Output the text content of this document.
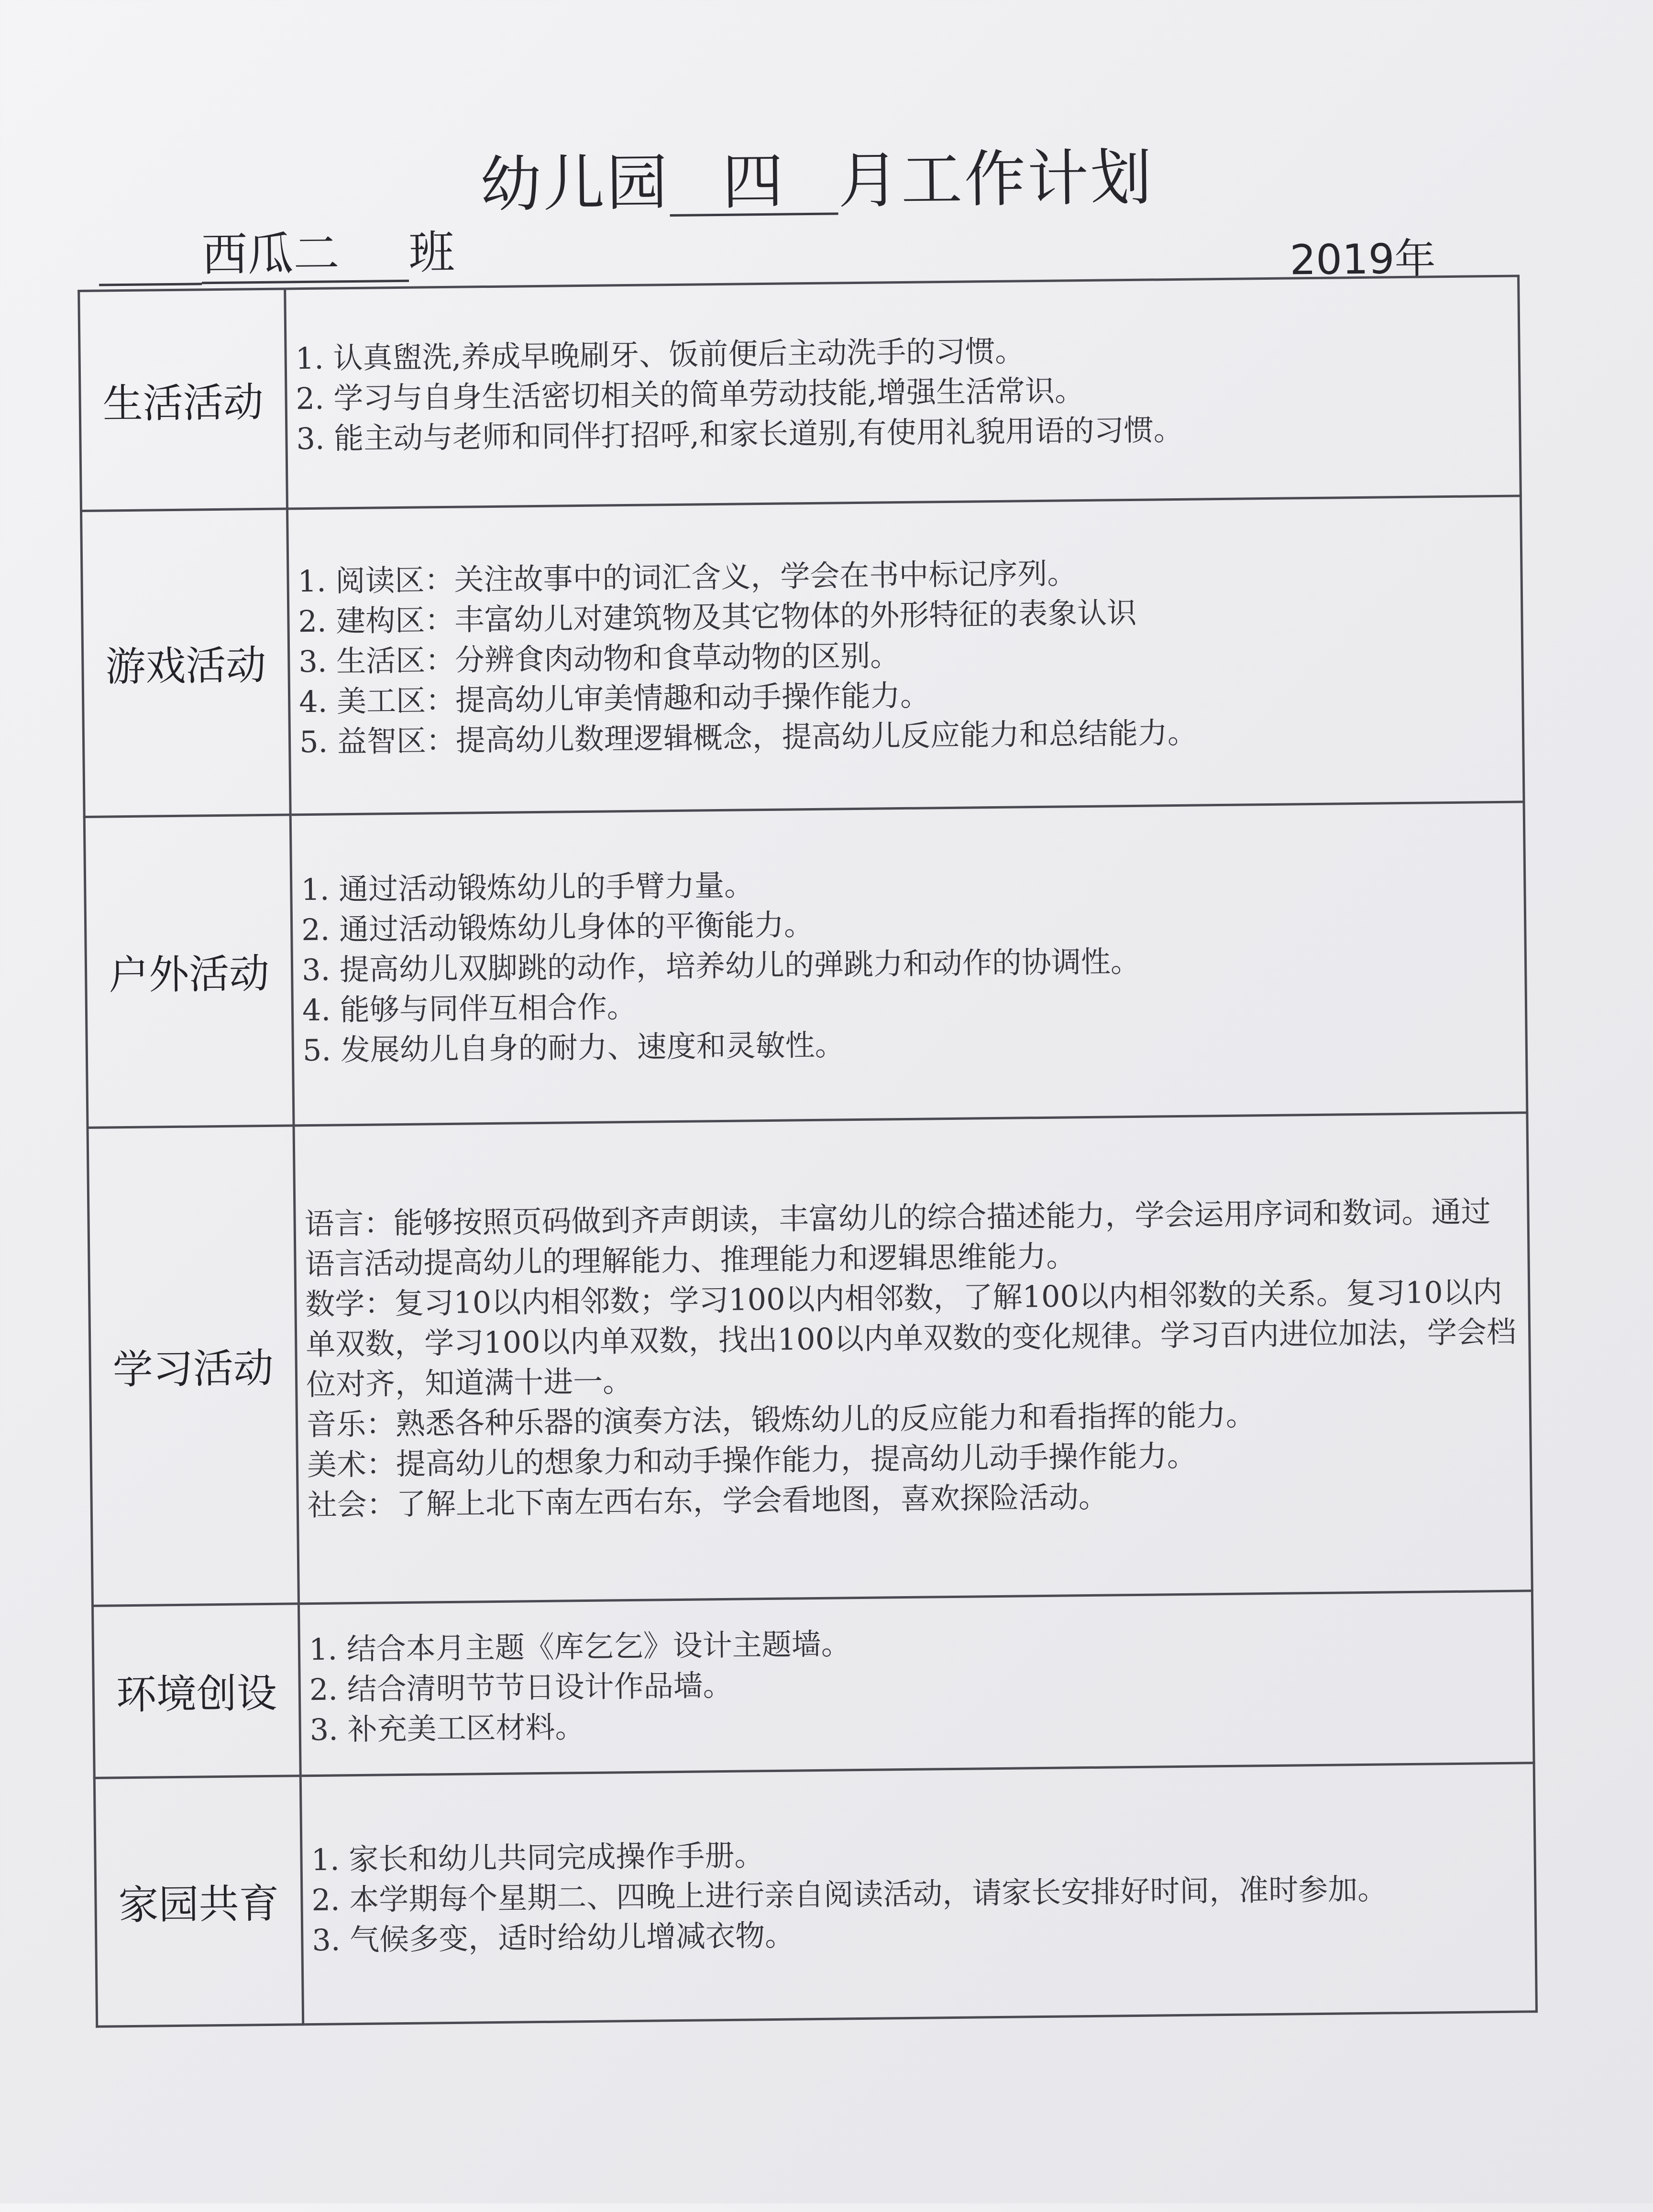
幼儿园 四 月工作计划
西瓜二 班	2019年
生活活动	1. 认真盥洗,养成早晚刷牙、饭前便后主动洗手的习惯。
2. 学习与自身生活密切相关的简单劳动技能,增强生活常识。
3. 能主动与老师和同伴打招呼,和家长道别,有使用礼貌用语的习惯。

游戏活动	1. 阅读区：关注故事中的词汇含义，学会在书中标记序列。
2. 建构区：丰富幼儿对建筑物及其它物体的外形特征的表象认识
3. 生活区：分辨食肉动物和食草动物的区别。
4. 美工区：提高幼儿审美情趣和动手操作能力。
5. 益智区：提高幼儿数理逻辑概念，提高幼儿反应能力和总结能力。

户外活动	1. 通过活动锻炼幼儿的手臂力量。
2. 通过活动锻炼幼儿身体的平衡能力。
3. 提高幼儿双脚跳的动作，培养幼儿的弹跳力和动作的协调性。
4. 能够与同伴互相合作。
5. 发展幼儿自身的耐力、速度和灵敏性。

学习活动	语言：能够按照页码做到齐声朗读，丰富幼儿的综合描述能力，学会运用序词和数词。通过语言活动提高幼儿的理解能力、推理能力和逻辑思维能力。
数学：复习10以内相邻数；学习100以内相邻数，了解100以内相邻数的关系。复习10以内单双数，学习100以内单双数，找出100以内单双数的变化规律。学习百内进位加法，学会档位对齐，知道满十进一。
音乐：熟悉各种乐器的演奏方法，锻炼幼儿的反应能力和看指挥的能力。
美术：提高幼儿的想象力和动手操作能力，提高幼儿动手操作能力。
社会：了解上北下南左西右东，学会看地图，喜欢探险活动。

环境创设	1. 结合本月主题《库乞乞》设计主题墙。
2. 结合清明节节日设计作品墙。
3. 补充美工区材料。

家园共育	1. 家长和幼儿共同完成操作手册。
2. 本学期每个星期二、四晚上进行亲自阅读活动，请家长安排好时间，准时参加。
3. 气候多变，适时给幼儿增减衣物。
